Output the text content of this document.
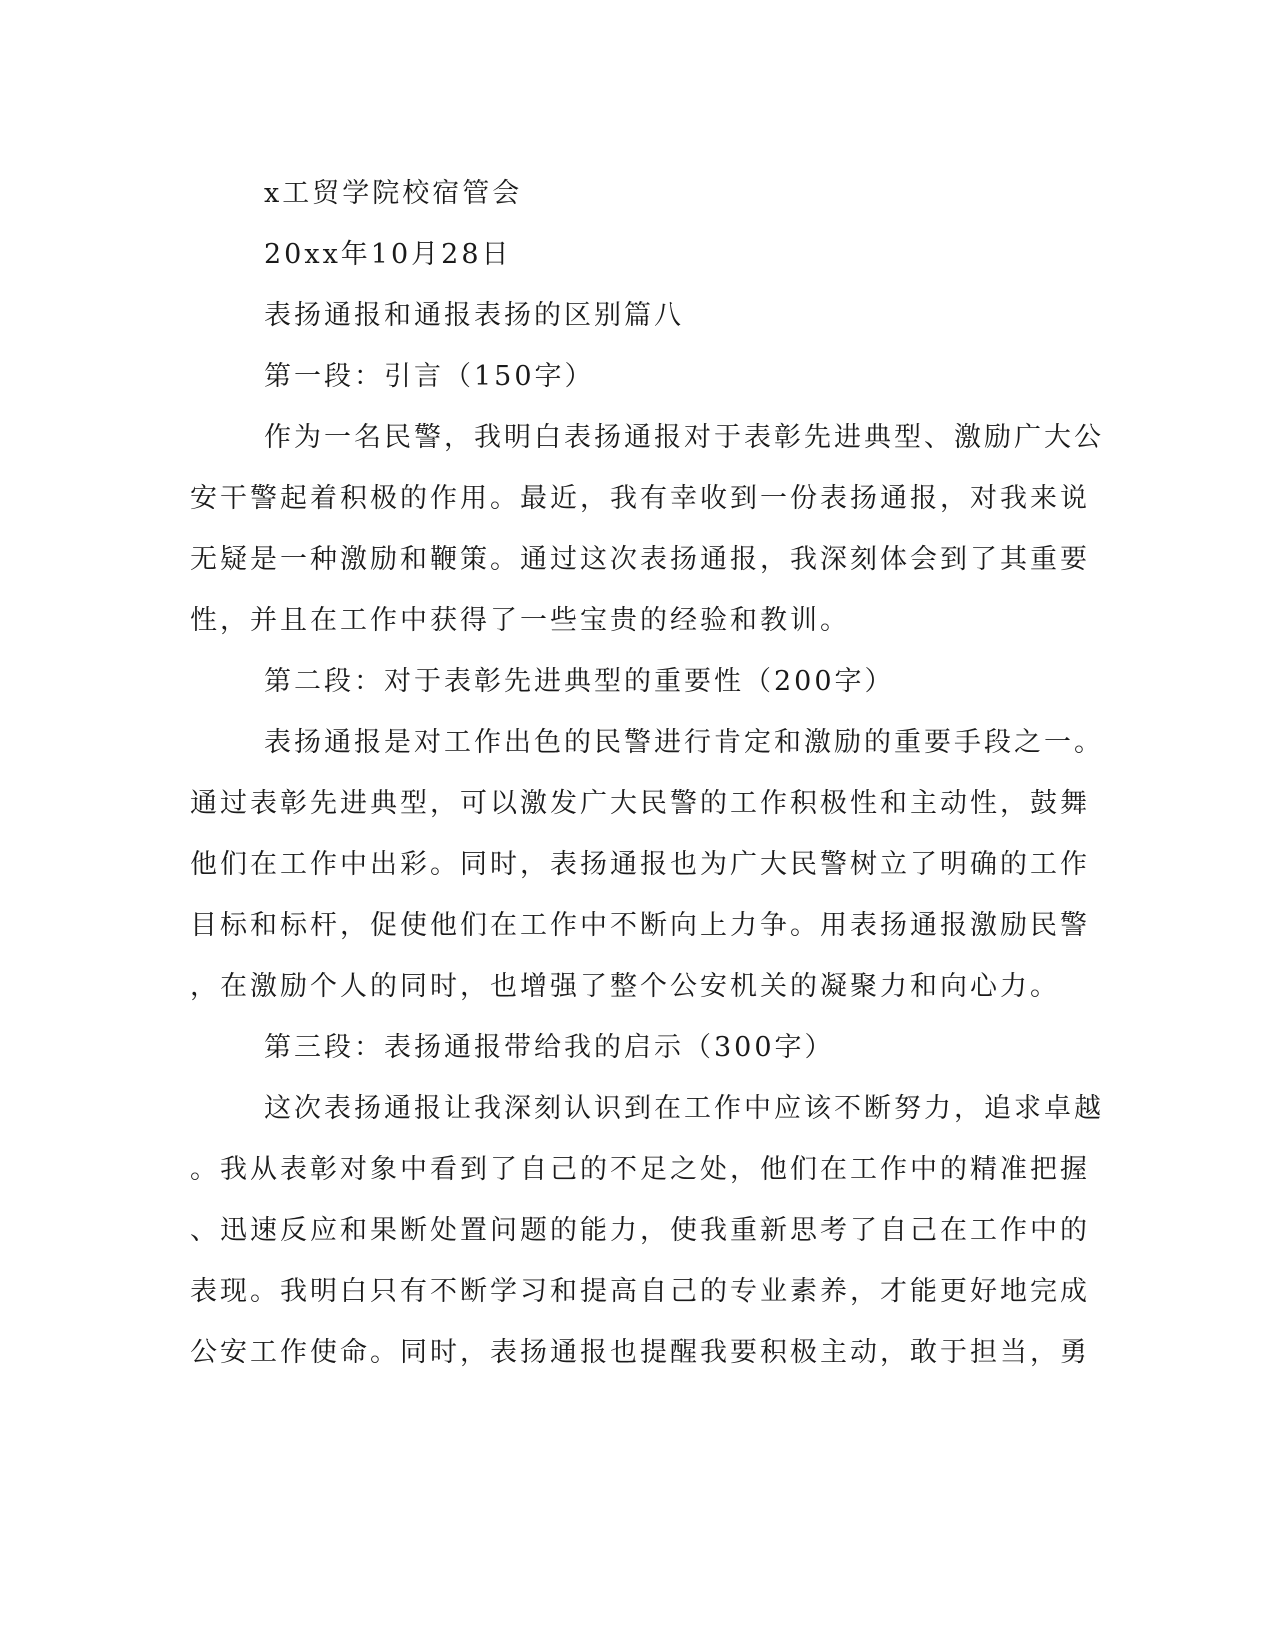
x工贸学院校宿管会
20xx年10月28日
表扬通报和通报表扬的区别篇八
第一段：引言（150字）
作为一名民警，我明白表扬通报对于表彰先进典型、激励广大公
安干警起着积极的作用。最近，我有幸收到一份表扬通报，对我来说
无疑是一种激励和鞭策。通过这次表扬通报，我深刻体会到了其重要
性，并且在工作中获得了一些宝贵的经验和教训。
第二段：对于表彰先进典型的重要性（200字）
表扬通报是对工作出色的民警进行肯定和激励的重要手段之一。
通过表彰先进典型，可以激发广大民警的工作积极性和主动性，鼓舞
他们在工作中出彩。同时，表扬通报也为广大民警树立了明确的工作
目标和标杆，促使他们在工作中不断向上力争。用表扬通报激励民警
，在激励个人的同时，也增强了整个公安机关的凝聚力和向心力。
第三段：表扬通报带给我的启示（300字）
这次表扬通报让我深刻认识到在工作中应该不断努力，追求卓越
。我从表彰对象中看到了自己的不足之处，他们在工作中的精准把握
、迅速反应和果断处置问题的能力，使我重新思考了自己在工作中的
表现。我明白只有不断学习和提高自己的专业素养，才能更好地完成
公安工作使命。同时，表扬通报也提醒我要积极主动，敢于担当，勇
